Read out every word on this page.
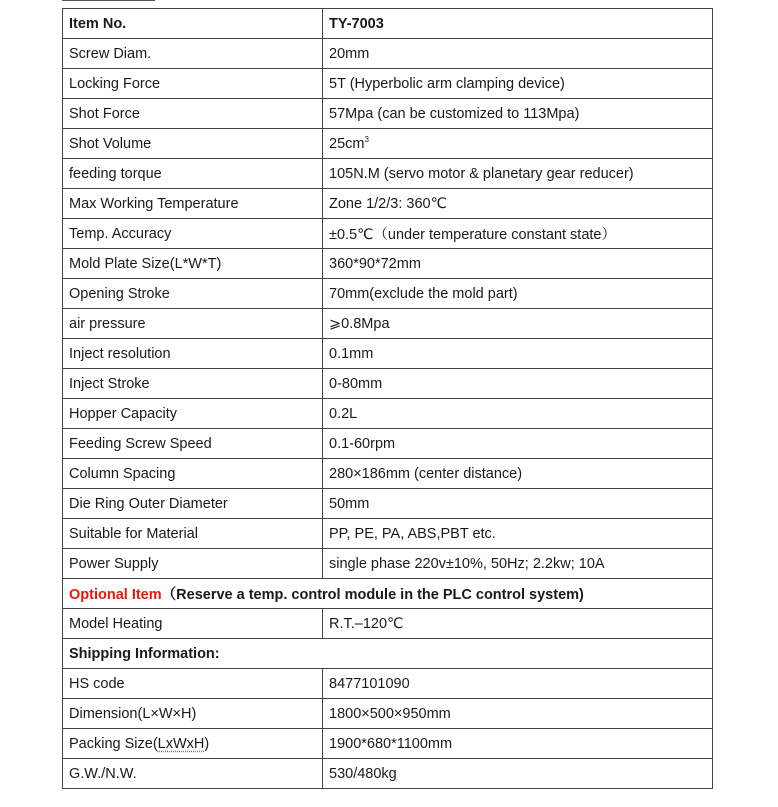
Item No.	TY-7003
Screw Diam.	20mm
Locking Force	5T (Hyperbolic arm clamping device)
Shot Force	57Mpa (can be customized to 113Mpa)
Shot Volume	$25cm^3$
feeding torque	105N.M (servo motor & planetary gear reducer)
Max Working Temperature	Zone 1/2/3: 360℃
Temp. Accuracy	±0.5℃（under temperature constant state）
Mold Plate Size(L*W*T)	360*90*72mm
Opening Stroke	70mm(exclude the mold part)
air pressure	⩾0.8Mpa
Inject resolution	0.1mm
Inject Stroke	0-80mm
Hopper Capacity	0.2L
Feeding Screw Speed	0.1-60rpm
Column Spacing	280×186mm (center distance)
Die Ring Outer Diameter	50mm
Suitable for Material	PP, PE, PA, ABS,PBT etc.
Power Supply	single phase 220v±10%, 50Hz; 2.2kw; 10A
Optional Item（Reserve a temp. control module in the PLC control system)	
Model Heating	R.T.–120℃
Shipping Information:	
HS code	8477101090
Dimension(L×W×H)	1800×500×950mm
Packing Size(LxWxH)	1900*680*1100mm
G.W./N.W.	530/480kg
